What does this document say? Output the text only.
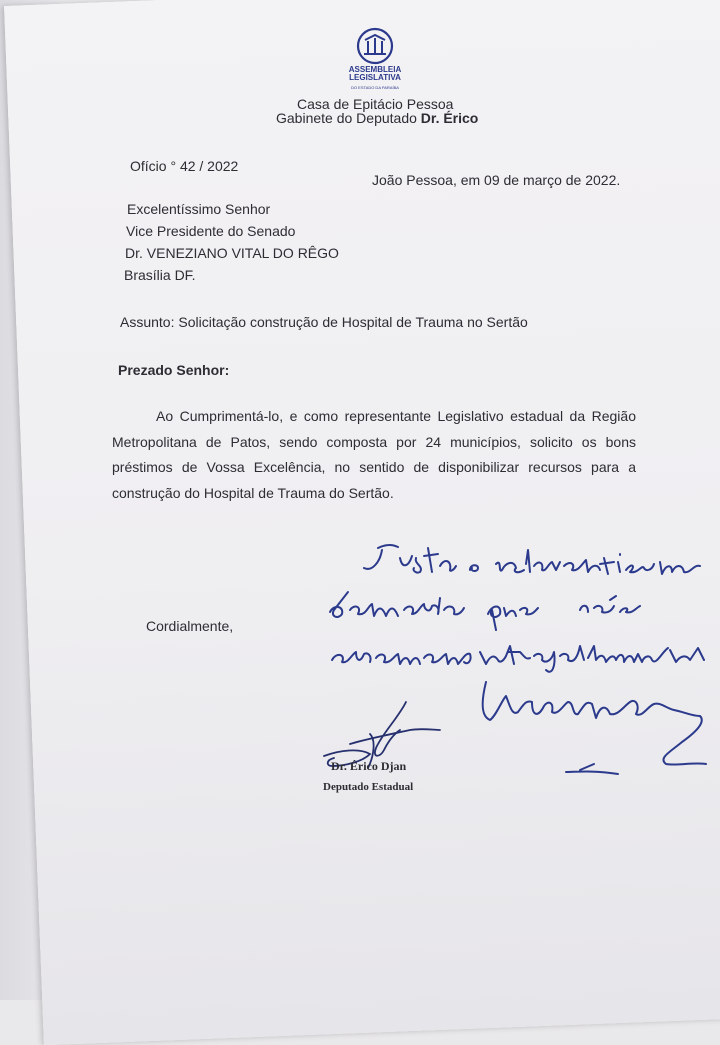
ASSEMBLEIA LEGISLATIVA
DO ESTADO DA PARAÍBA
Casa de Epitácio Pessoa
Gabinete do Deputado Dr. Érico
Ofício ° 42 / 2022
João Pessoa, em 09 de março de 2022.
Excelentíssimo Senhor
Vice Presidente do Senado
Dr. VENEZIANO VITAL DO RÊGO
Brasília DF.
Assunto: Solicitação construção de Hospital de Trauma no Sertão
Prezado Senhor:
Ao Cumprimentá-lo, e como representante Legislativo estadual da Região Metropolitana de Patos, sendo composta por 24 municípios, solicito os bons préstimos de Vossa Excelência, no sentido de disponibilizar recursos para a construção do Hospital de Trauma do Sertão.
Cordialmente,
Dr. Érico Djan
Deputado Estadual
